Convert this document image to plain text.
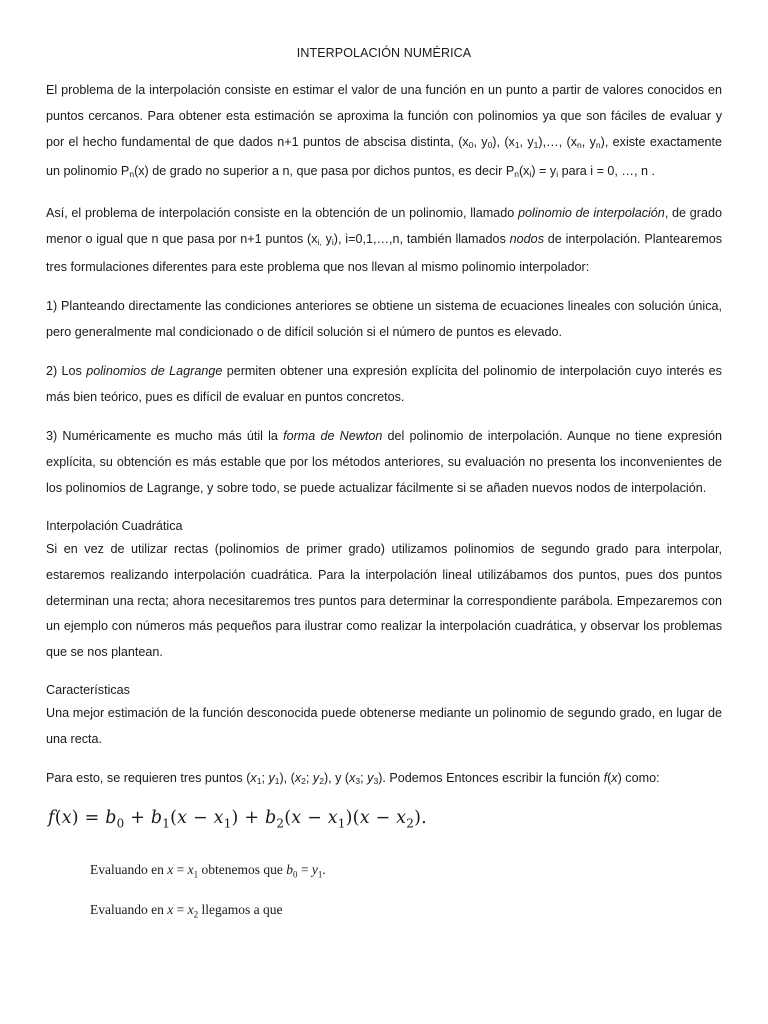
INTERPOLACIÓN NUMÉRICA

El problema de la interpolación consiste en estimar el valor de una función en un punto a partir de valores conocidos en puntos cercanos. Para obtener esta estimación se aproxima la función con polinomios ya que son fáciles de evaluar y por el hecho fundamental de que dados n+1 puntos de abscisa distinta, ($x_0$, $y_0$), ($x_1$, $y_1),\dots$, ($x_n$, $y_n$), existe exactamente un polinomio $P_n(x)$ de grado no superior a n, que pasa por dichos puntos, es decir $P_n(x_i) = y_i$ para i = 0, …, n .

Así, el problema de interpolación consiste en la obtención de un polinomio, llamado polinomio de interpolación, de grado menor o igual que n que pasa por n+1 puntos ($x_{i,}$ $y_i$), i=0,1,…,n, también llamados nodos de interpolación. Plantearemos tres formulaciones diferentes para este problema que nos llevan al mismo polinomio interpolador:

1) Planteando directamente las condiciones anteriores se obtiene un sistema de ecuaciones lineales con solución única, pero generalmente mal condicionado o de difícil solución si el número de puntos es elevado.

2) Los polinomios de Lagrange permiten obtener una expresión explícita del polinomio de interpolación cuyo interés es más bien teórico, pues es difícil de evaluar en puntos concretos.

3) Numéricamente es mucho más útil la forma de Newton del polinomio de interpolación. Aunque no tiene expresión explícita, su obtención es más estable que por los métodos anteriores, su evaluación no presenta los inconvenientes de los polinomios de Lagrange, y sobre todo, se puede actualizar fácilmente si se añaden nuevos nodos de interpolación.

Interpolación Cuadrática

Si en vez de utilizar rectas (polinomios de primer grado) utilizamos polinomios de segundo grado para interpolar, estaremos realizando interpolación cuadrática. Para la interpolación lineal utilizábamos dos puntos, pues dos puntos determinan una recta; ahora necesitaremos tres puntos para determinar la correspondiente parábola. Empezaremos con un ejemplo con números más pequeños para ilustrar como realizar la interpolación cuadrática, y observar los problemas que se nos plantean.

Características

Una mejor estimación de la función desconocida puede obtenerse mediante un polinomio de segundo grado, en lugar de una recta.

Para esto, se requieren tres puntos ($x_1$; $y_1$), ($x_2$; $y_2$), y ($x_3$; $y_3$). Podemos Entonces escribir la función f(x) como:

$f(x) = b_0 + b_1(x - x_1) + b_2(x - x_1)(x - x_2)$.
Evaluando en $x = x_1$ obtenemos que $b_0 = y_1$.
Evaluando en $x = x_2$ llegamos a que
